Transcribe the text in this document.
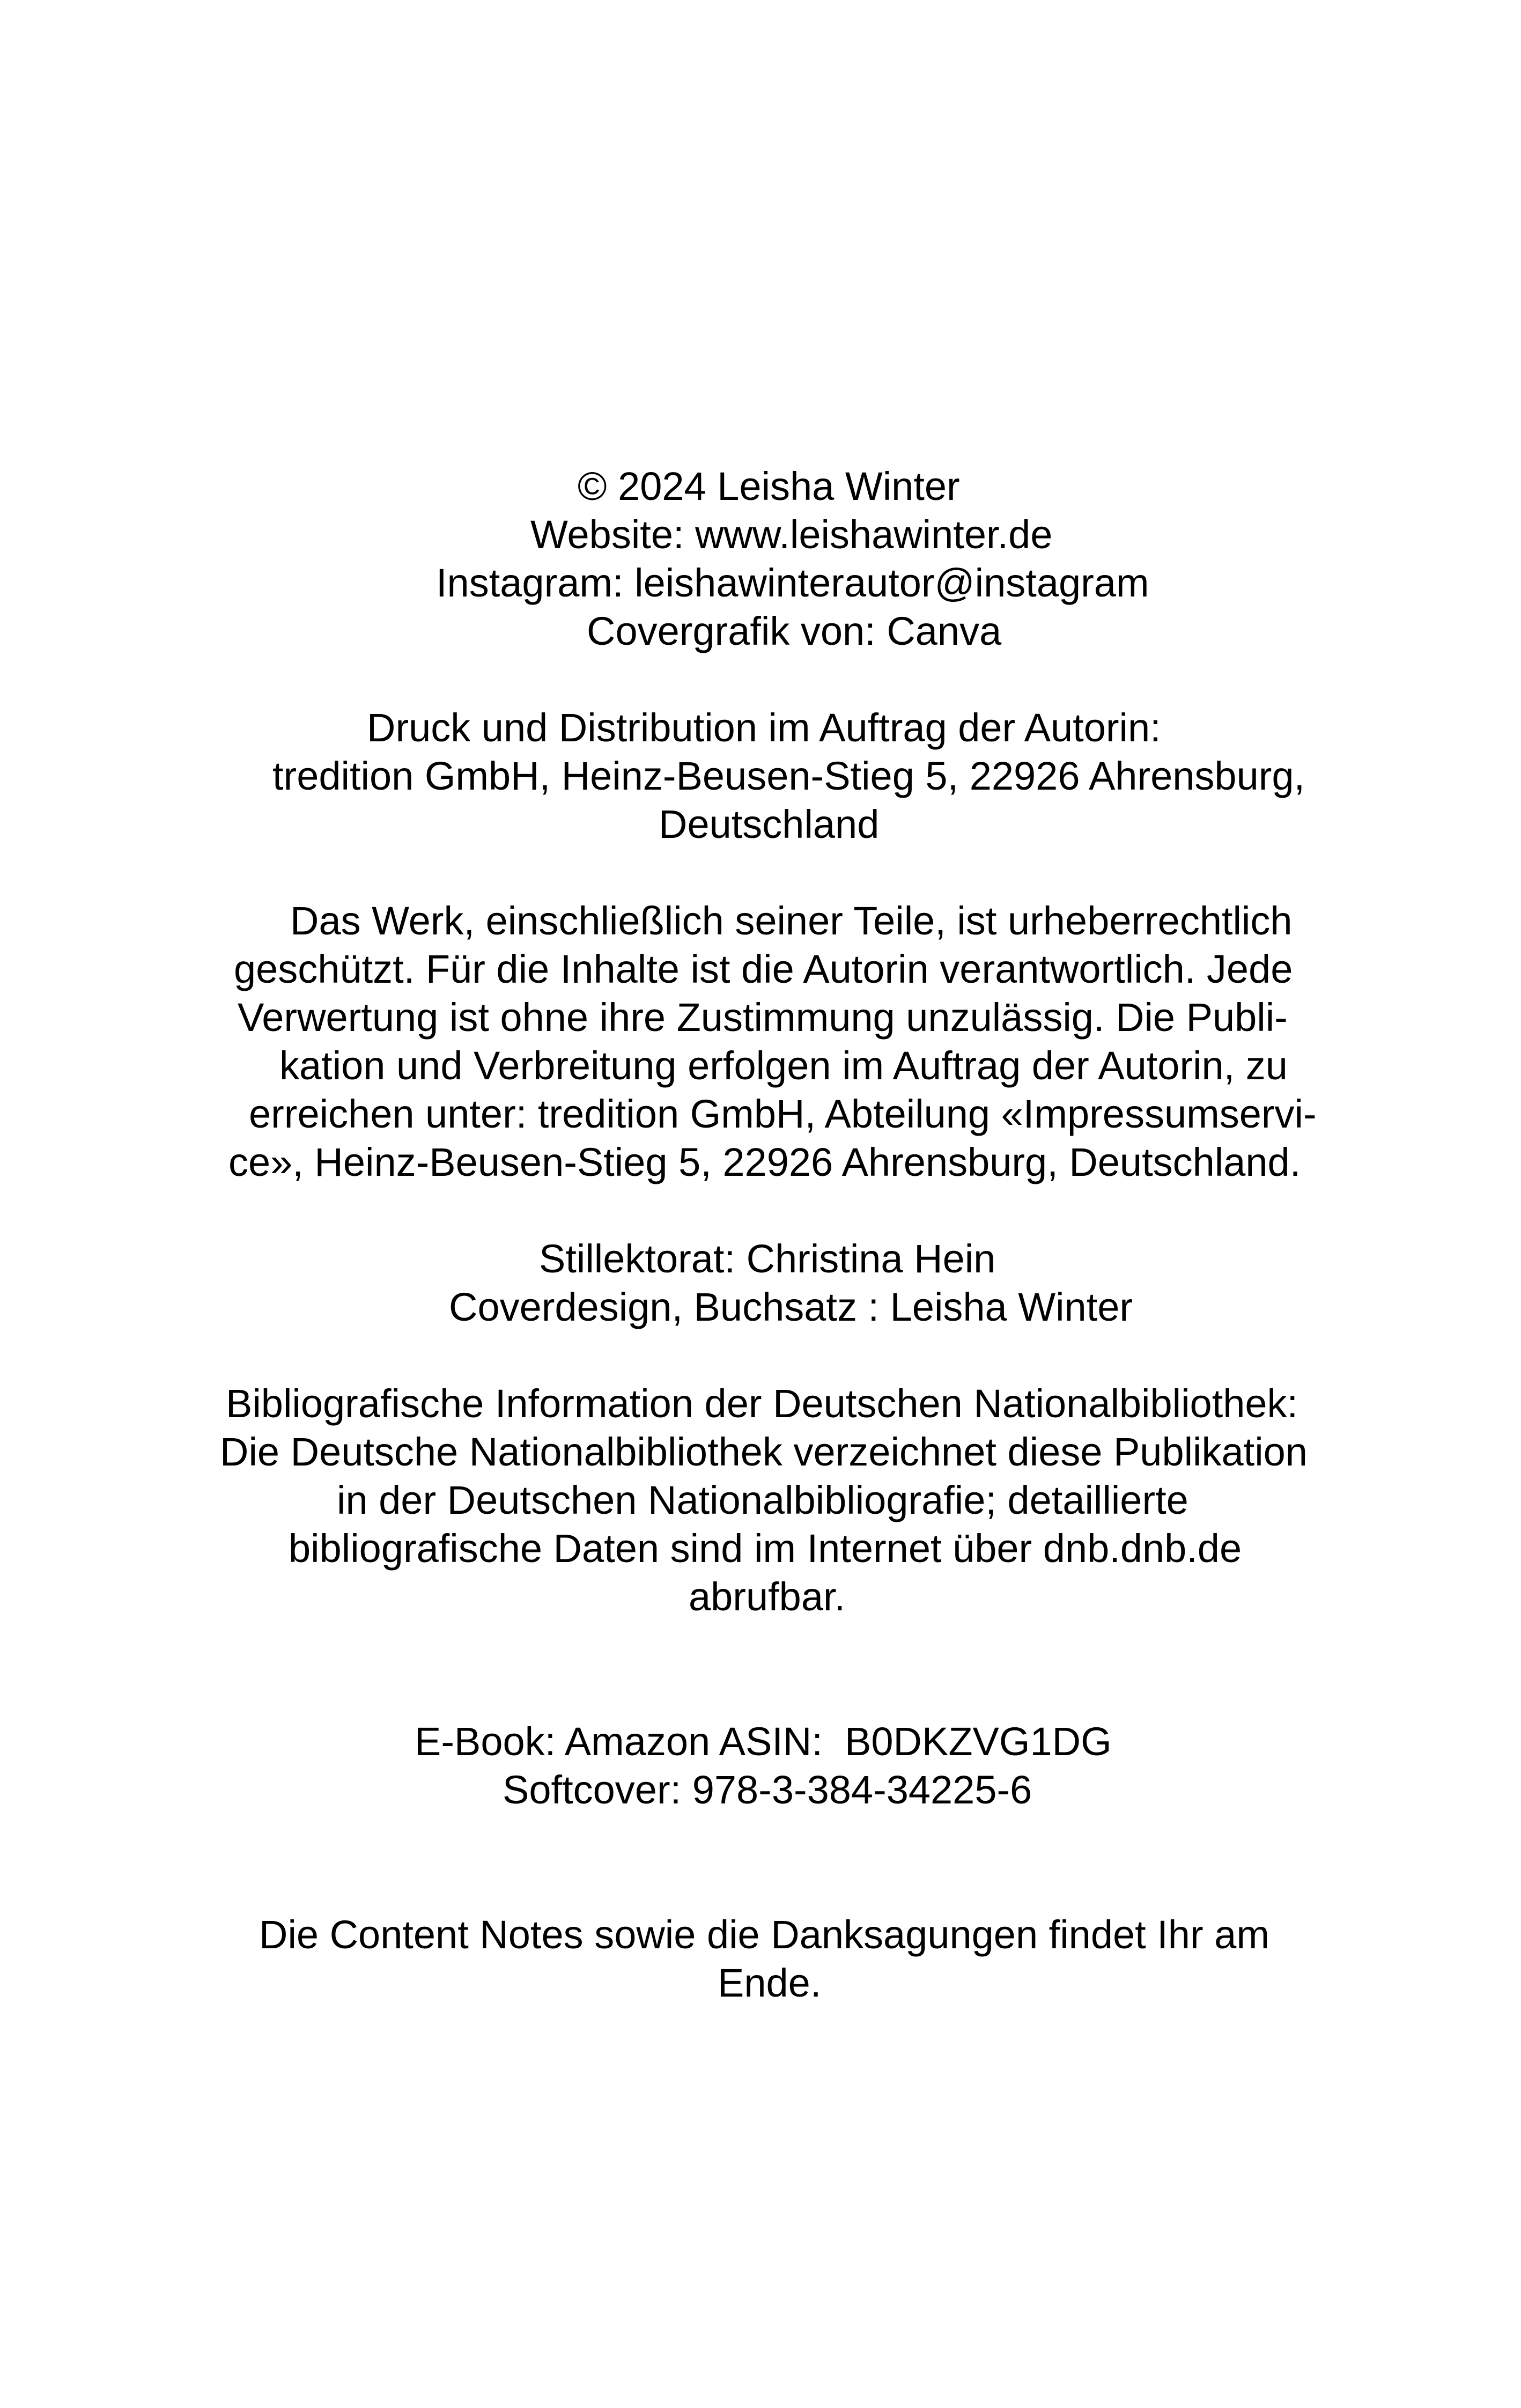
© 2024 Leisha Winter
Website: www.leishawinter.de
Instagram: leishawinterautor@instagram
Covergrafik von: Canva
Druck und Distribution im Auftrag der Autorin:
tredition GmbH, Heinz-Beusen-Stieg 5, 22926 Ahrensburg,
Deutschland
Das Werk, einschließlich seiner Teile, ist urheberrechtlich
geschützt. Für die Inhalte ist die Autorin verantwortlich. Jede
Verwertung ist ohne ihre Zustimmung unzulässig. Die Publi-
kation und Verbreitung erfolgen im Auftrag der Autorin, zu
erreichen unter: tredition GmbH, Abteilung «Impressumservi-
ce», Heinz-Beusen-Stieg 5, 22926 Ahrensburg, Deutschland.
Stillektorat: Christina Hein
Coverdesign, Buchsatz : Leisha Winter
Bibliografische Information der Deutschen Nationalbibliothek:
Die Deutsche Nationalbibliothek verzeichnet diese Publikation
in der Deutschen Nationalbibliografie; detaillierte
bibliografische Daten sind im Internet über dnb.dnb.de
abrufbar.
E-Book: Amazon ASIN:  B0DKZVG1DG
Softcover: 978-3-384-34225-6
Die Content Notes sowie die Danksagungen findet Ihr am
Ende.
